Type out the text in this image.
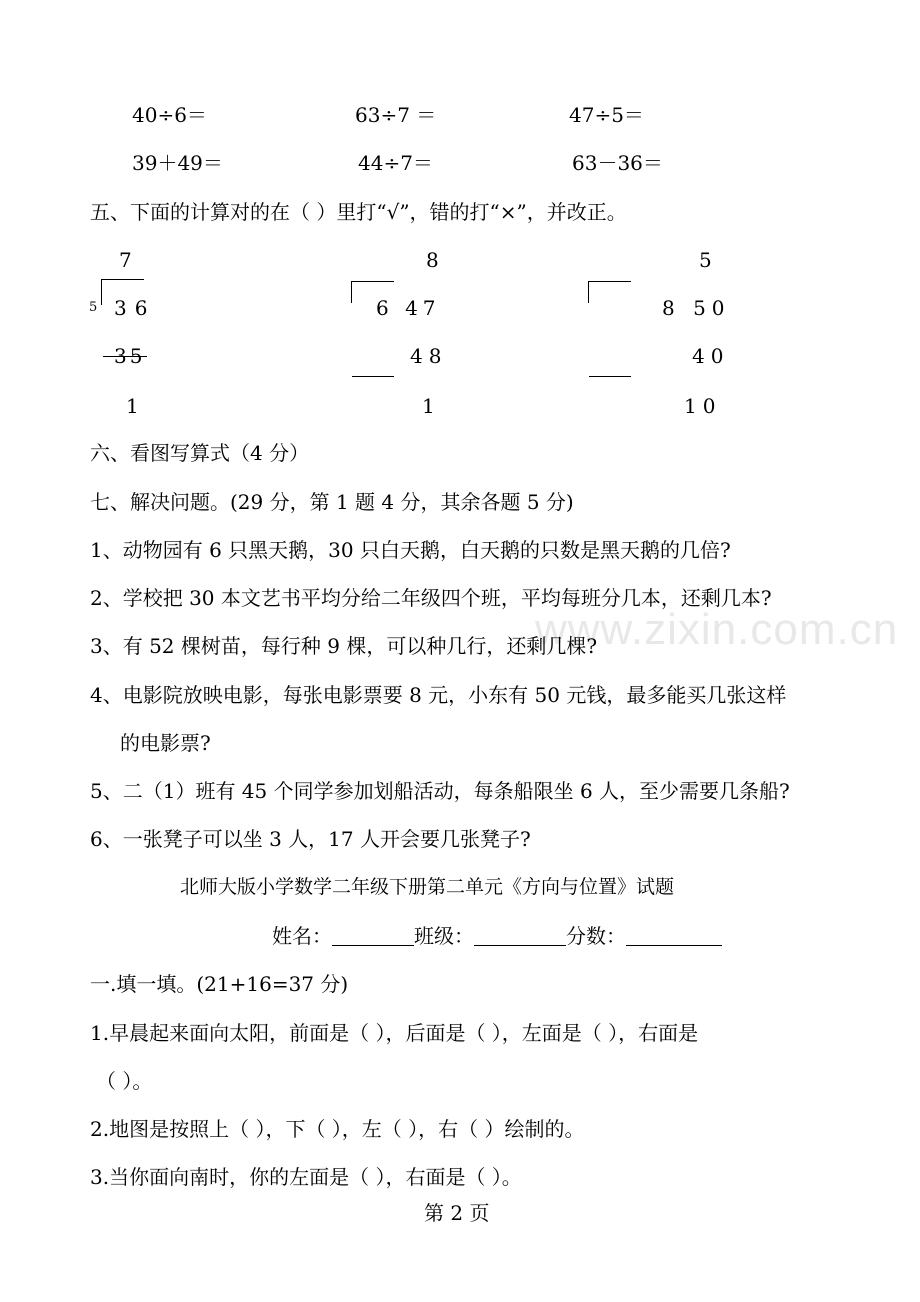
www.zixin.com.cn
40÷6＝	63÷7 ＝	47÷5＝
39＋49＝	44÷7＝	63－36＝
五、下面的计算对的在（ ）里打“√”，错的打“×”，并改正。
7
5 36
35
1
8
6 47
48
1
5
8 50
40
10
六、看图写算式（4 分）
七、解决问题。(29 分，第 1 题 4 分，其余各题 5 分)
1、动物园有 6 只黑天鹅，30 只白天鹅，白天鹅的只数是黑天鹅的几倍?
2、学校把 30 本文艺书平均分给二年级四个班，平均每班分几本，还剩几本?
3、有 52 棵树苗，每行种 9 棵，可以种几行，还剩几棵?
4、电影院放映电影，每张电影票要 8 元，小东有 50 元钱，最多能买几张这样
的电影票?
5、二（1）班有 45 个同学参加划船活动，每条船限坐 6 人，至少需要几条船?
6、一张凳子可以坐 3 人，17 人开会要几张凳子?
北师大版小学数学二年级下册第二单元《方向与位置》试题
姓名：	班级：	分数：
一.填一填。(21+16=37 分)
1.早晨起来面向太阳，前面是（ ），后面是（ ），左面是（ ），右面是
（ ）。
2.地图是按照上（ ），下（ ），左（ ），右（ ）绘制的。
3.当你面向南时，你的左面是（ ），右面是（ ）。
第 2 页
